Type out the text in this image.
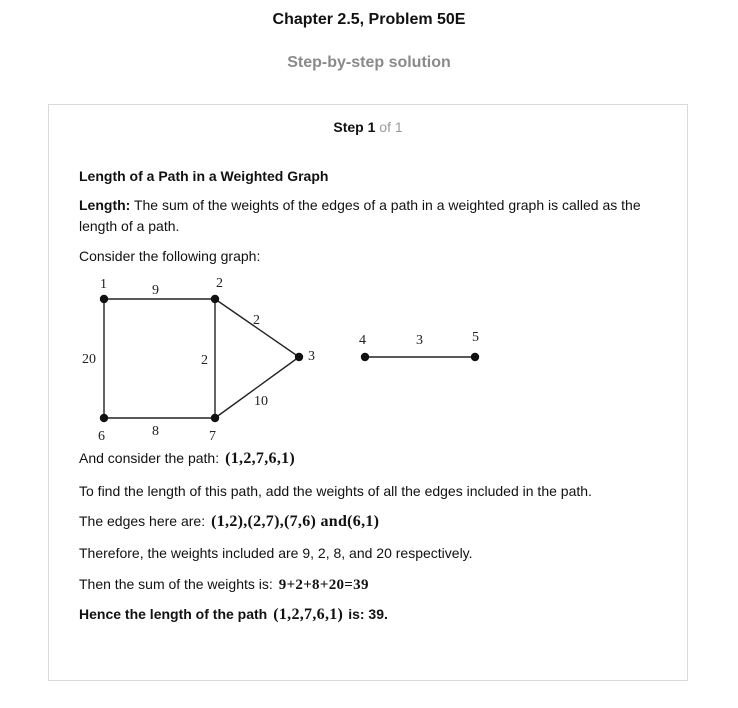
Chapter 2.5, Problem 50E
Step-by-step solution
Step 1 of 1
Length of a Path in a Weighted Graph
Length: The sum of the weights of the edges of a path in a weighted graph is called as the length of a path.
Consider the following graph:
1	2
3
6	7
9
20	2
2
10
8
4	5
3
And consider the path: (1,2,7,6,1)
To find the length of this path, add the weights of all the edges included in the path.
The edges here are: (1,2),(2,7),(7,6) and(6,1)
Therefore, the weights included are 9, 2, 8, and 20 respectively.
Then the sum of the weights is: 9+2+8+20=39
Hence the length of the path (1,2,7,6,1) is: 39.
